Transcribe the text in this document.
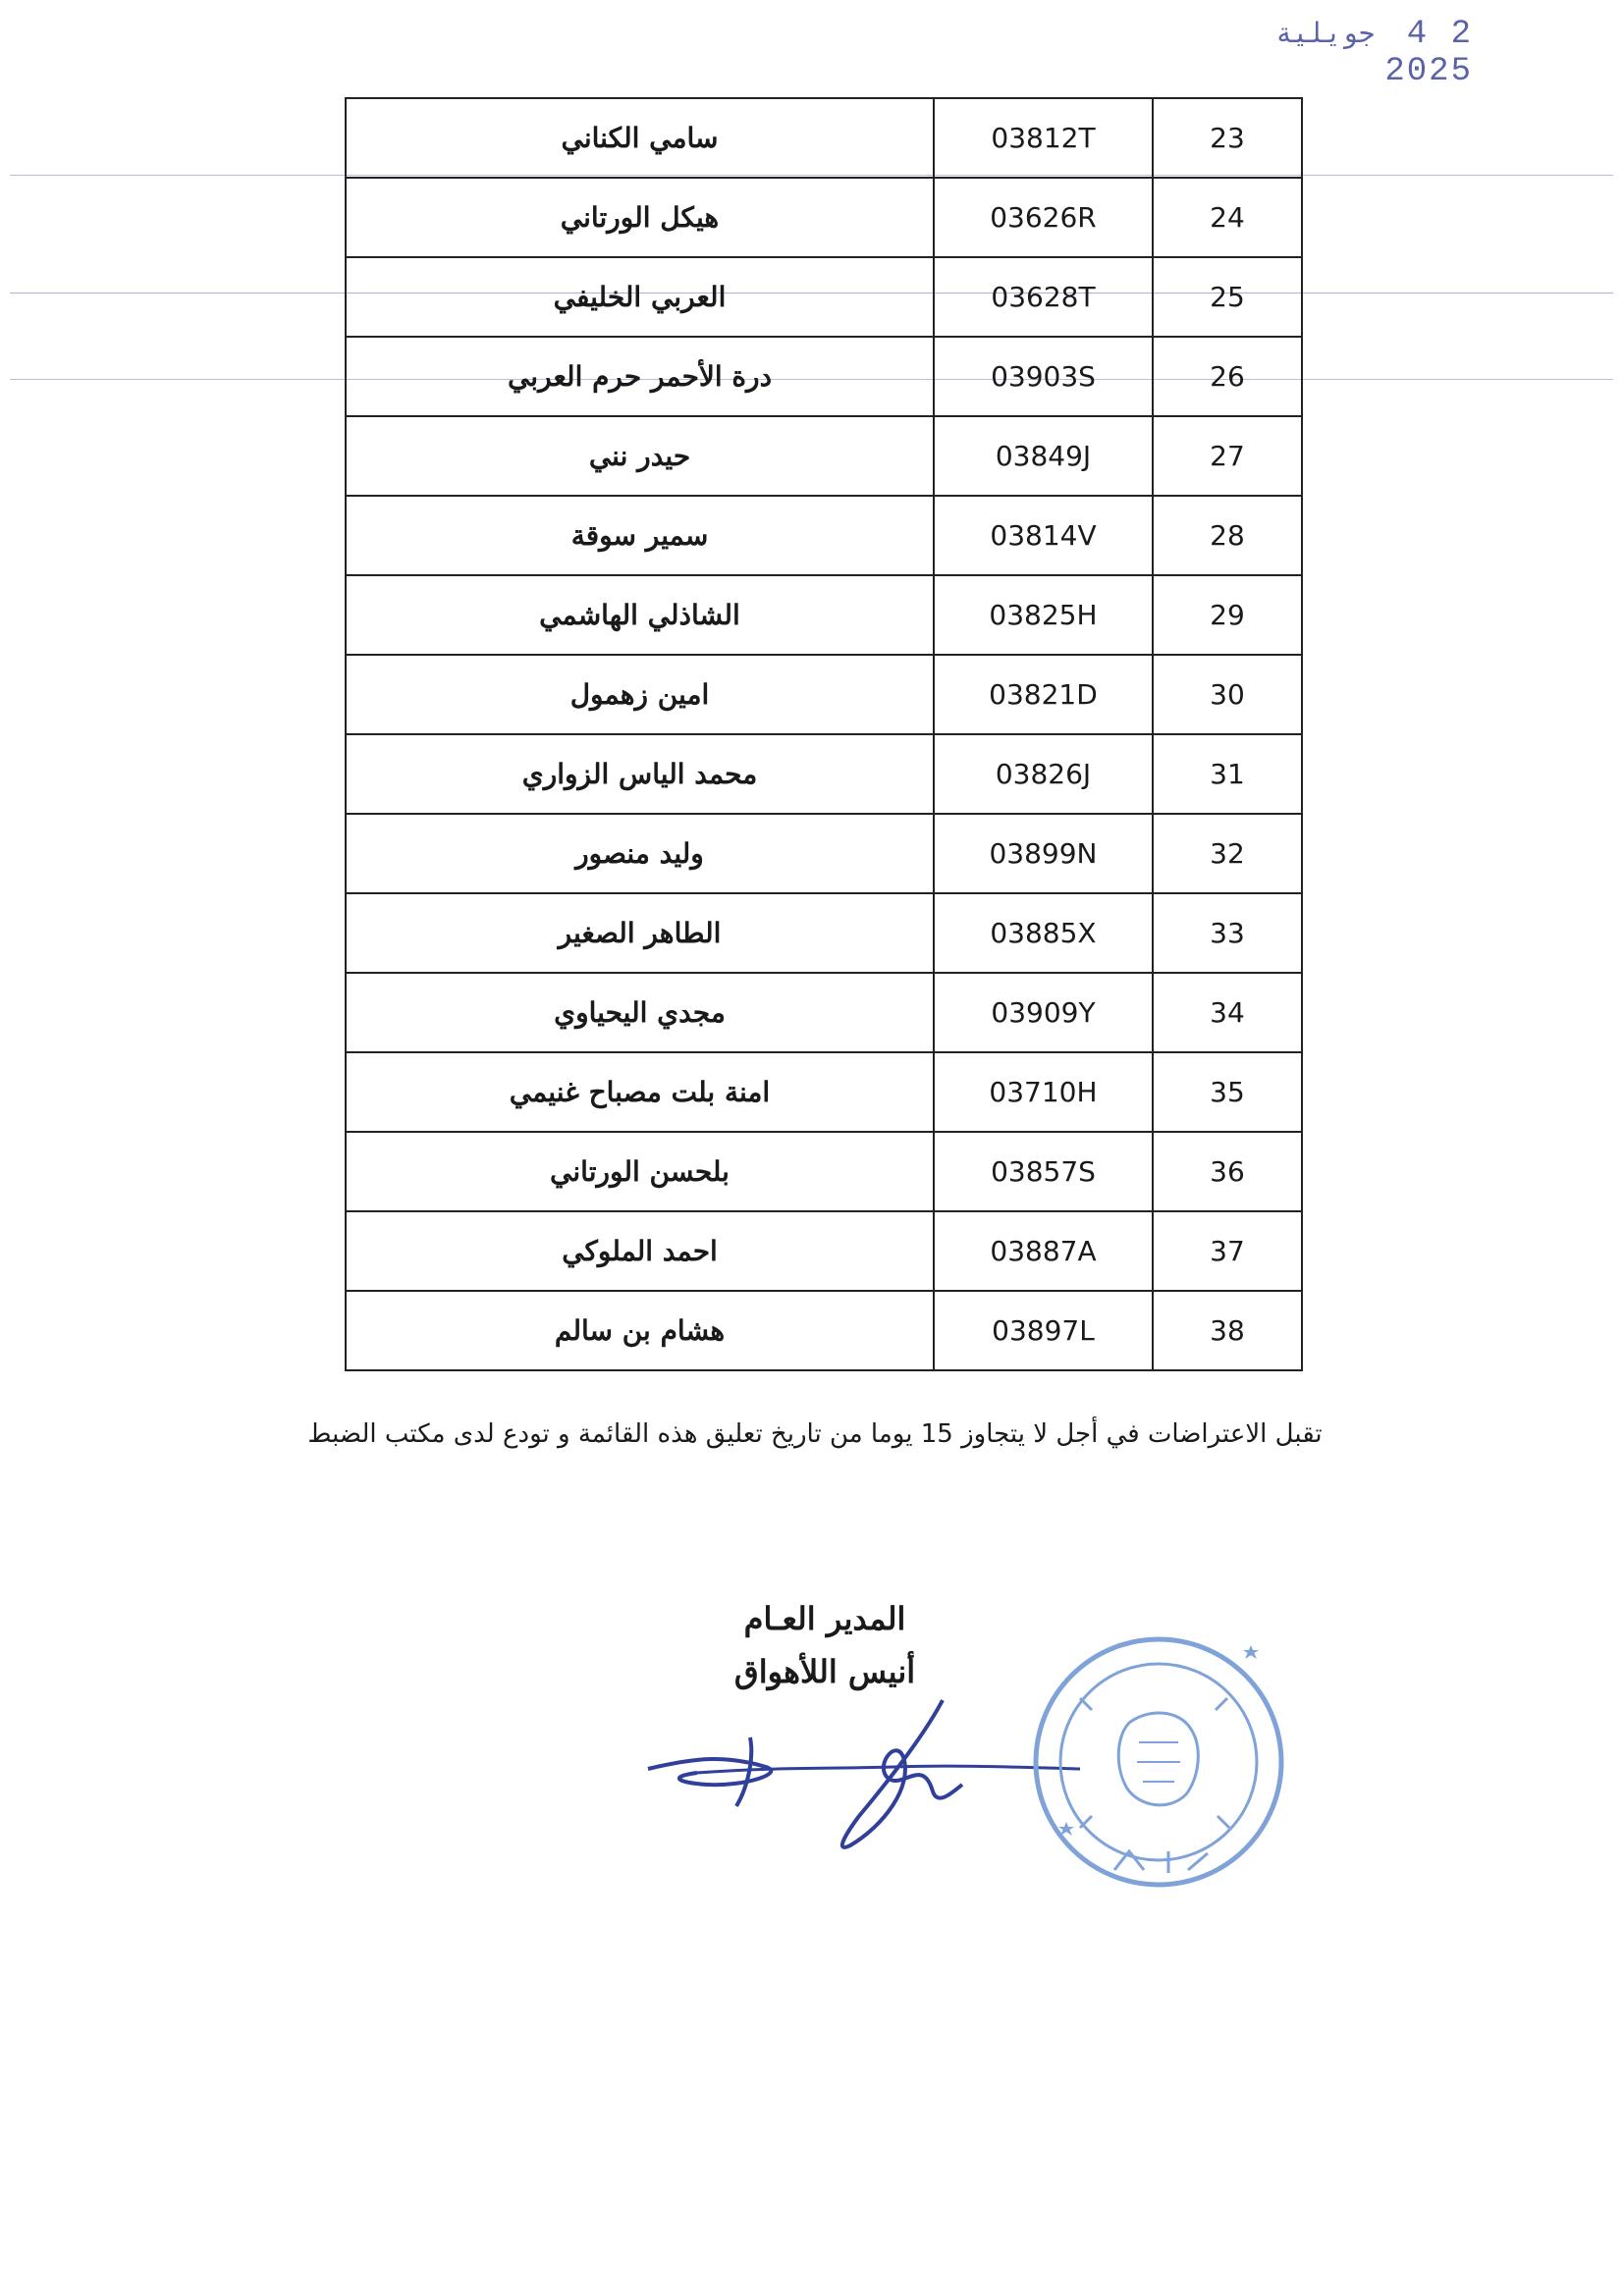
2 4 جويلية 2025
23	03812T	سامي الكناني
24	03626R	هيكل الورتاني
25	03628T	العربي الخليفي
26	03903S	درة الأحمر حرم العربي
27	03849J	حيدر نني
28	03814V	سمير سوقة
29	03825H	الشاذلي الهاشمي
30	03821D	امين زهمول
31	03826J	محمد الياس الزواري
32	03899N	وليد منصور
33	03885X	الطاهر الصغير
34	03909Y	مجدي اليحياوي
35	03710H	امنة بلت مصباح غنيمي
36	03857S	بلحسن الورتاني
37	03887A	احمد الملوكي
38	03897L	هشام بن سالم
تقبل الاعتراضات في أجل لا يتجاوز 15 يوما من تاريخ تعليق هذه القائمة و تودع لدى مكتب الضبط
المدير العـام
أنيس اللأهواق
